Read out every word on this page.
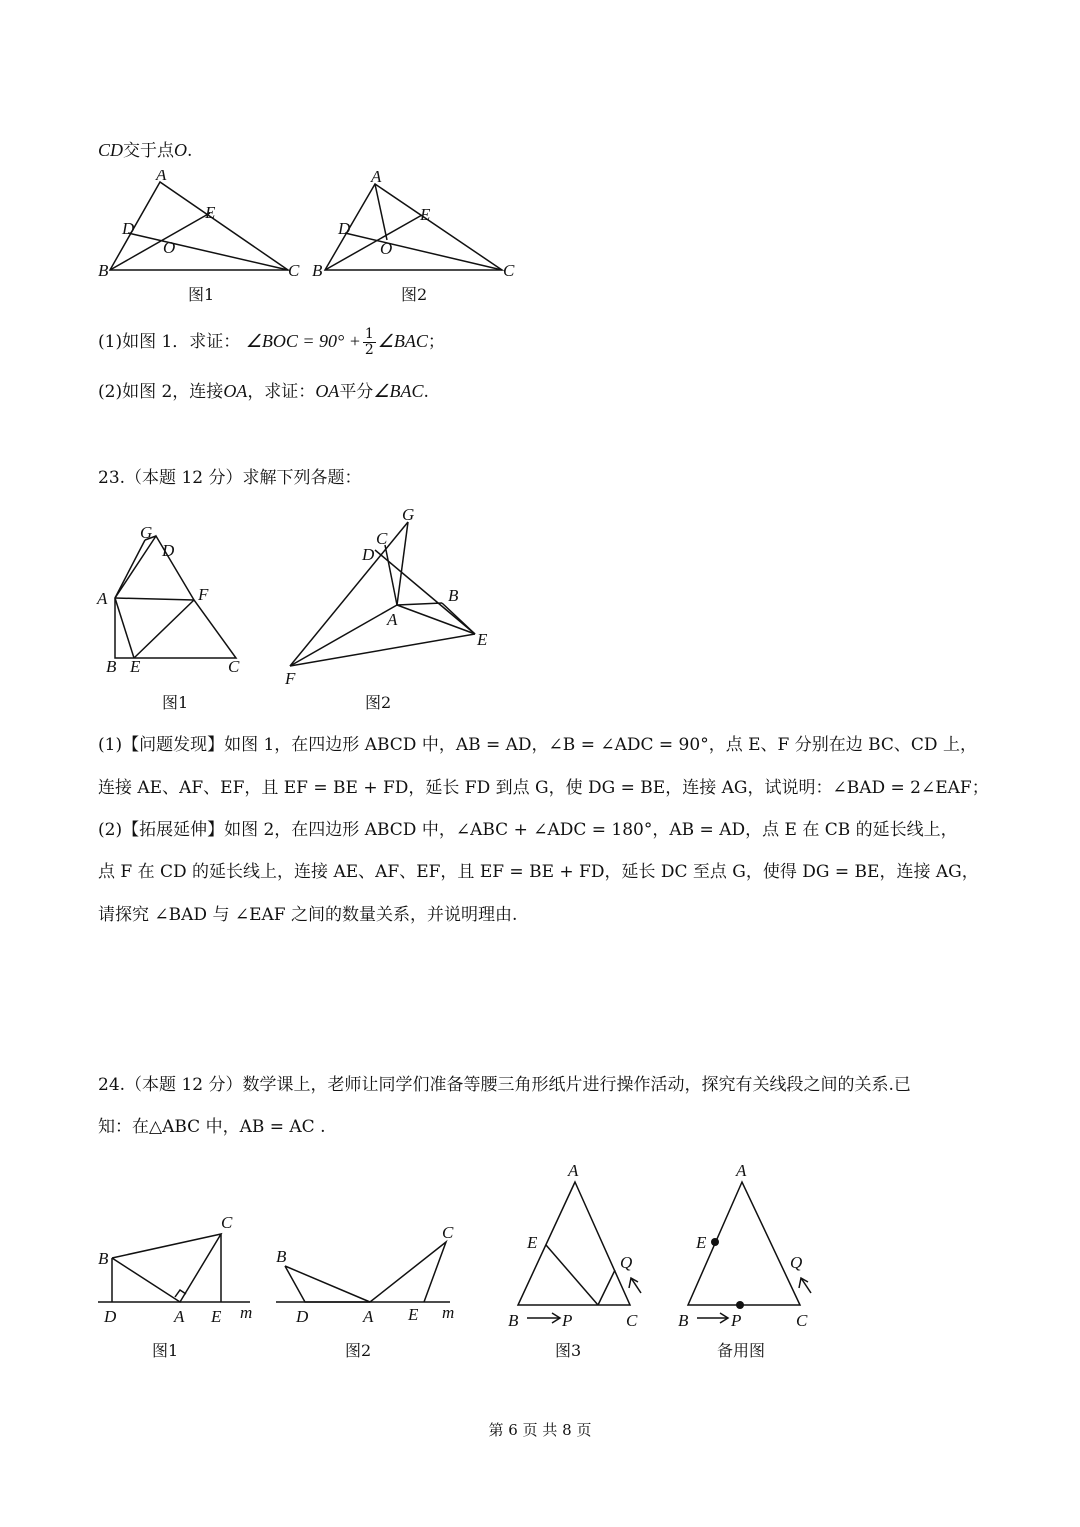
CD交于点O.
A
D
E
O
B	C
图1
A
D
E
O
B	C
图2
(1)如图 1．求证： ∠BOC = $90^\circ + \frac{1}{2}$ ∠BAC；
(2)如图 2，连接OA，求证：OA平分∠BAC.
23.（本题 12 分）求解下列各题：
G
D
A	F
B E	C
图1
G
C
D
B
A
E
F
图2
(1)【问题发现】如图 1，在四边形 ABCD 中，AB = AD，∠B = ∠ADC = 90°，点 E、F 分别在边 BC、CD 上，
连接 AE、AF、EF，且 EF = BE + FD，延长 FD 到点 G，使 DG = BE，连接 AG，试说明：∠BAD = 2∠EAF；
(2)【拓展延伸】如图 2，在四边形 ABCD 中，∠ABC + ∠ADC = 180°，AB = AD，点 E 在 CB 的延长线上，
点 F 在 CD 的延长线上，连接 AE、AF、EF，且 EF = BE + FD，延长 DC 至点 G，使得 DG = BE，连接 AG，
请探究 ∠BAD 与 ∠EAF 之间的数量关系，并说明理由.
24.（本题 12 分）数学课上，老师让同学们准备等腰三角形纸片进行操作活动，探究有关线段之间的关系.已
知：在△ABC 中，AB = AC .
B
C
D	A E m
图1
B
C
D	A E m
图2
A
E
Q
B	P	C
图3
A
E
Q
B	P	C
备用图
第 6 页 共 8 页
